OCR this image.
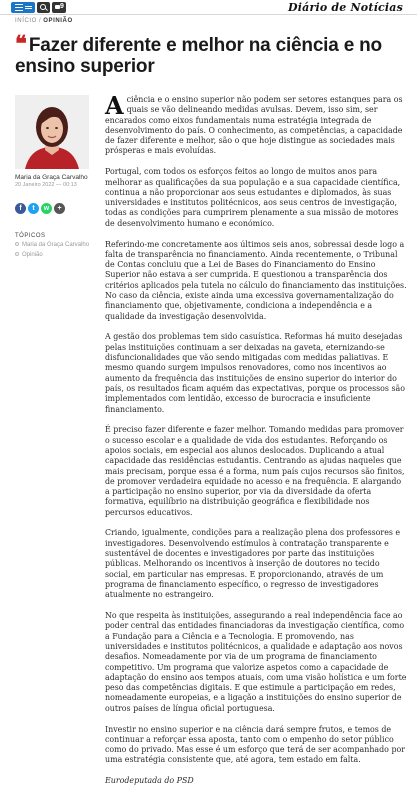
9	Diário de Notícias
INÍCIO / OPINIÃO
❝ Fazer diferente e melhor na ciência e no ensino superior
Maria da Graça Carvalho
20 Janeiro 2022 — 00:13
f	t	w	+
TÓPICOS
Maria da Graça Carvalho
Opinião

Aciência e o ensino superior não podem ser setores estanques para os quais se vão delineando medidas avulsas. Devem, isso sim, ser encarados como eixos fundamentais numa estratégia integrada de desenvolvimento do país. O conhecimento, as competências, a capacidade de fazer diferente e melhor, são o que hoje distingue as sociedades mais prósperas e mais evoluídas.

Portugal, com todos os esforços feitos ao longo de muitos anos para melhorar as qualificações da sua população e a sua capacidade científica, continua a não proporcionar aos seus estudantes e diplomados, às suas universidades e institutos politécnicos, aos seus centros de investigação, todas as condições para cumprirem plenamente a sua missão de motores de desenvolvimento humano e económico.

Referindo-me concretamente aos últimos seis anos, sobressai desde logo a falta de transparência no financiamento. Ainda recentemente, o Tribunal de Contas concluiu que a Lei de Bases do Financiamento do Ensino Superior não estava a ser cumprida. E questionou a transparência dos critérios aplicados pela tutela no cálculo do financiamento das instituições. No caso da ciência, existe ainda uma excessiva governamentalização do financiamento que, objetivamente, condiciona a independência e a qualidade da investigação desenvolvida.

A gestão dos problemas tem sido casuística. Reformas há muito desejadas pelas instituições continuam a ser deixadas na gaveta, eternizando-se disfuncionalidades que vão sendo mitigadas com medidas paliativas. E mesmo quando surgem impulsos renovadores, como nos incentivos ao aumento da frequência das instituições de ensino superior do interior do país, os resultados ficam aquém das expectativas, porque os processos são implementados com lentidão, excesso de burocracia e insuficiente financiamento.

É preciso fazer diferente e fazer melhor. Tomando medidas para promover o sucesso escolar e a qualidade de vida dos estudantes. Reforçando os apoios sociais, em especial aos alunos deslocados. Duplicando a atual capacidade das residências estudantis. Centrando as ajudas naqueles que mais precisam, porque essa é a forma, num país cujos recursos são finitos, de promover verdadeira equidade no acesso e na frequência. E alargando a participação no ensino superior, por via da diversidade da oferta formativa, equilíbrio na distribuição geográfica e flexibilidade nos percursos educativos.

Criando, igualmente, condições para a realização plena dos professores e investigadores. Desenvolvendo estímulos à contratação transparente e sustentável de docentes e investigadores por parte das instituições públicas. Melhorando os incentivos à inserção de doutores no tecido social, em particular nas empresas. E proporcionando, através de um programa de financiamento específico, o regresso de investigadores atualmente no estrangeiro.

No que respeita às instituições, assegurando a real independência face ao poder central das entidades financiadoras da investigação científica, como a Fundação para a Ciência e a Tecnologia. E promovendo, nas universidades e institutos politécnicos, a qualidade e adaptação aos novos desafios. Nomeadamente por via de um programa de financiamento competitivo. Um programa que valorize aspetos como a capacidade de adaptação do ensino aos tempos atuais, com uma visão holística e um forte peso das competências digitais. E que estimule a participação em redes, nomeadamente europeias, e a ligação a instituições do ensino superior de outros países de língua oficial portuguesa.

Investir no ensino superior e na ciência dará sempre frutos, e temos de continuar a reforçar essa aposta, tanto com o empenho do setor público como do privado. Mas esse é um esforço que terá de ser acompanhado por uma estratégia consistente que, até agora, tem estado em falta.

Eurodeputada do PSD
